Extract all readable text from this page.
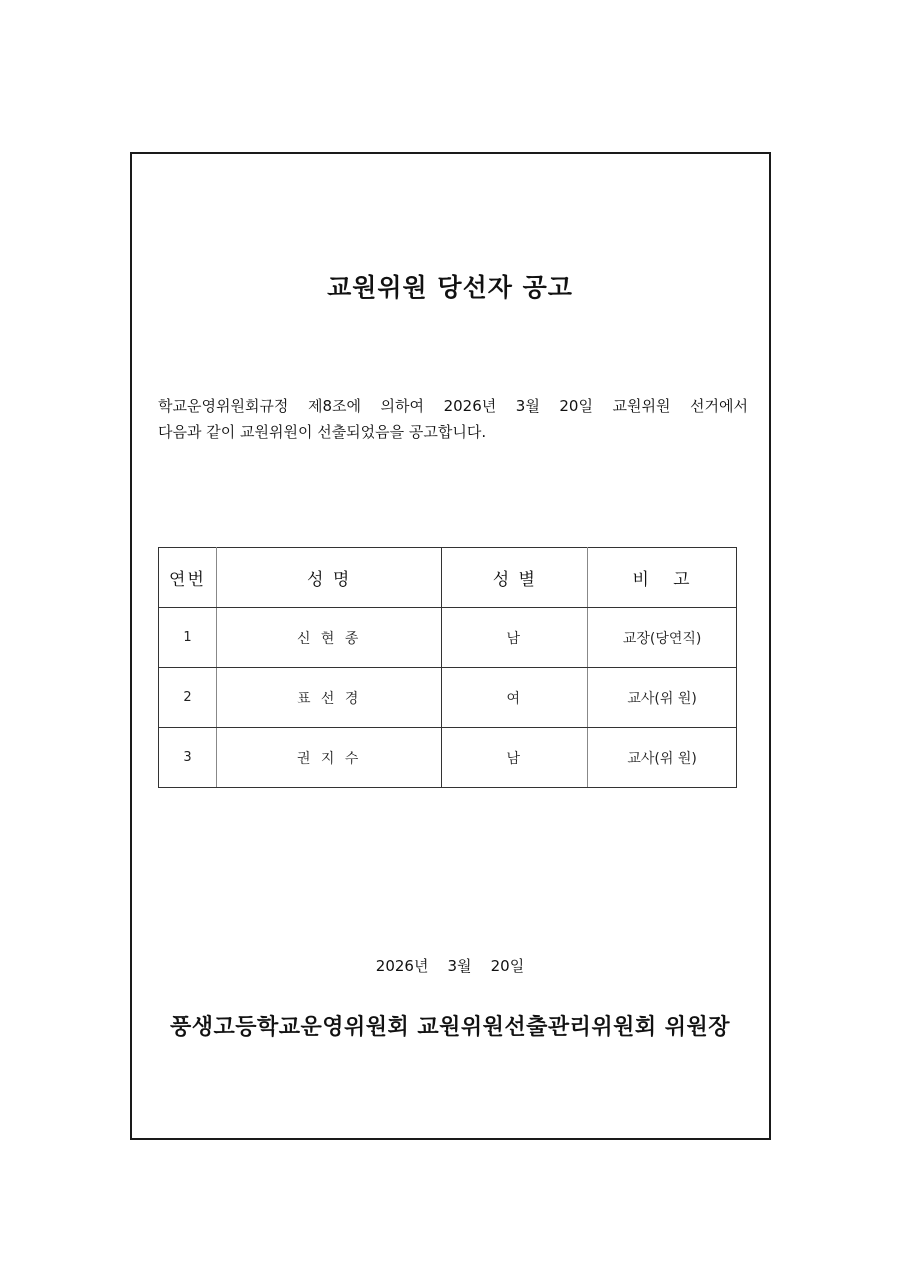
교원위원 당선자 공고
학교운영위원회규정 제8조에 의하여 2026년 3월 20일 교원위원 선거에서
다음과 같이 교원위원이 선출되었음을 공고합니다.
연번	성 명	성 별	비   고
1	신 현 종	남	교장(당연직)
2	표 선 경	여	교사(위 원)
3	권 지 수	남	교사(위 원)
2026년    3월    20일
풍생고등학교운영위원회 교원위원선출관리위원회 위원장
